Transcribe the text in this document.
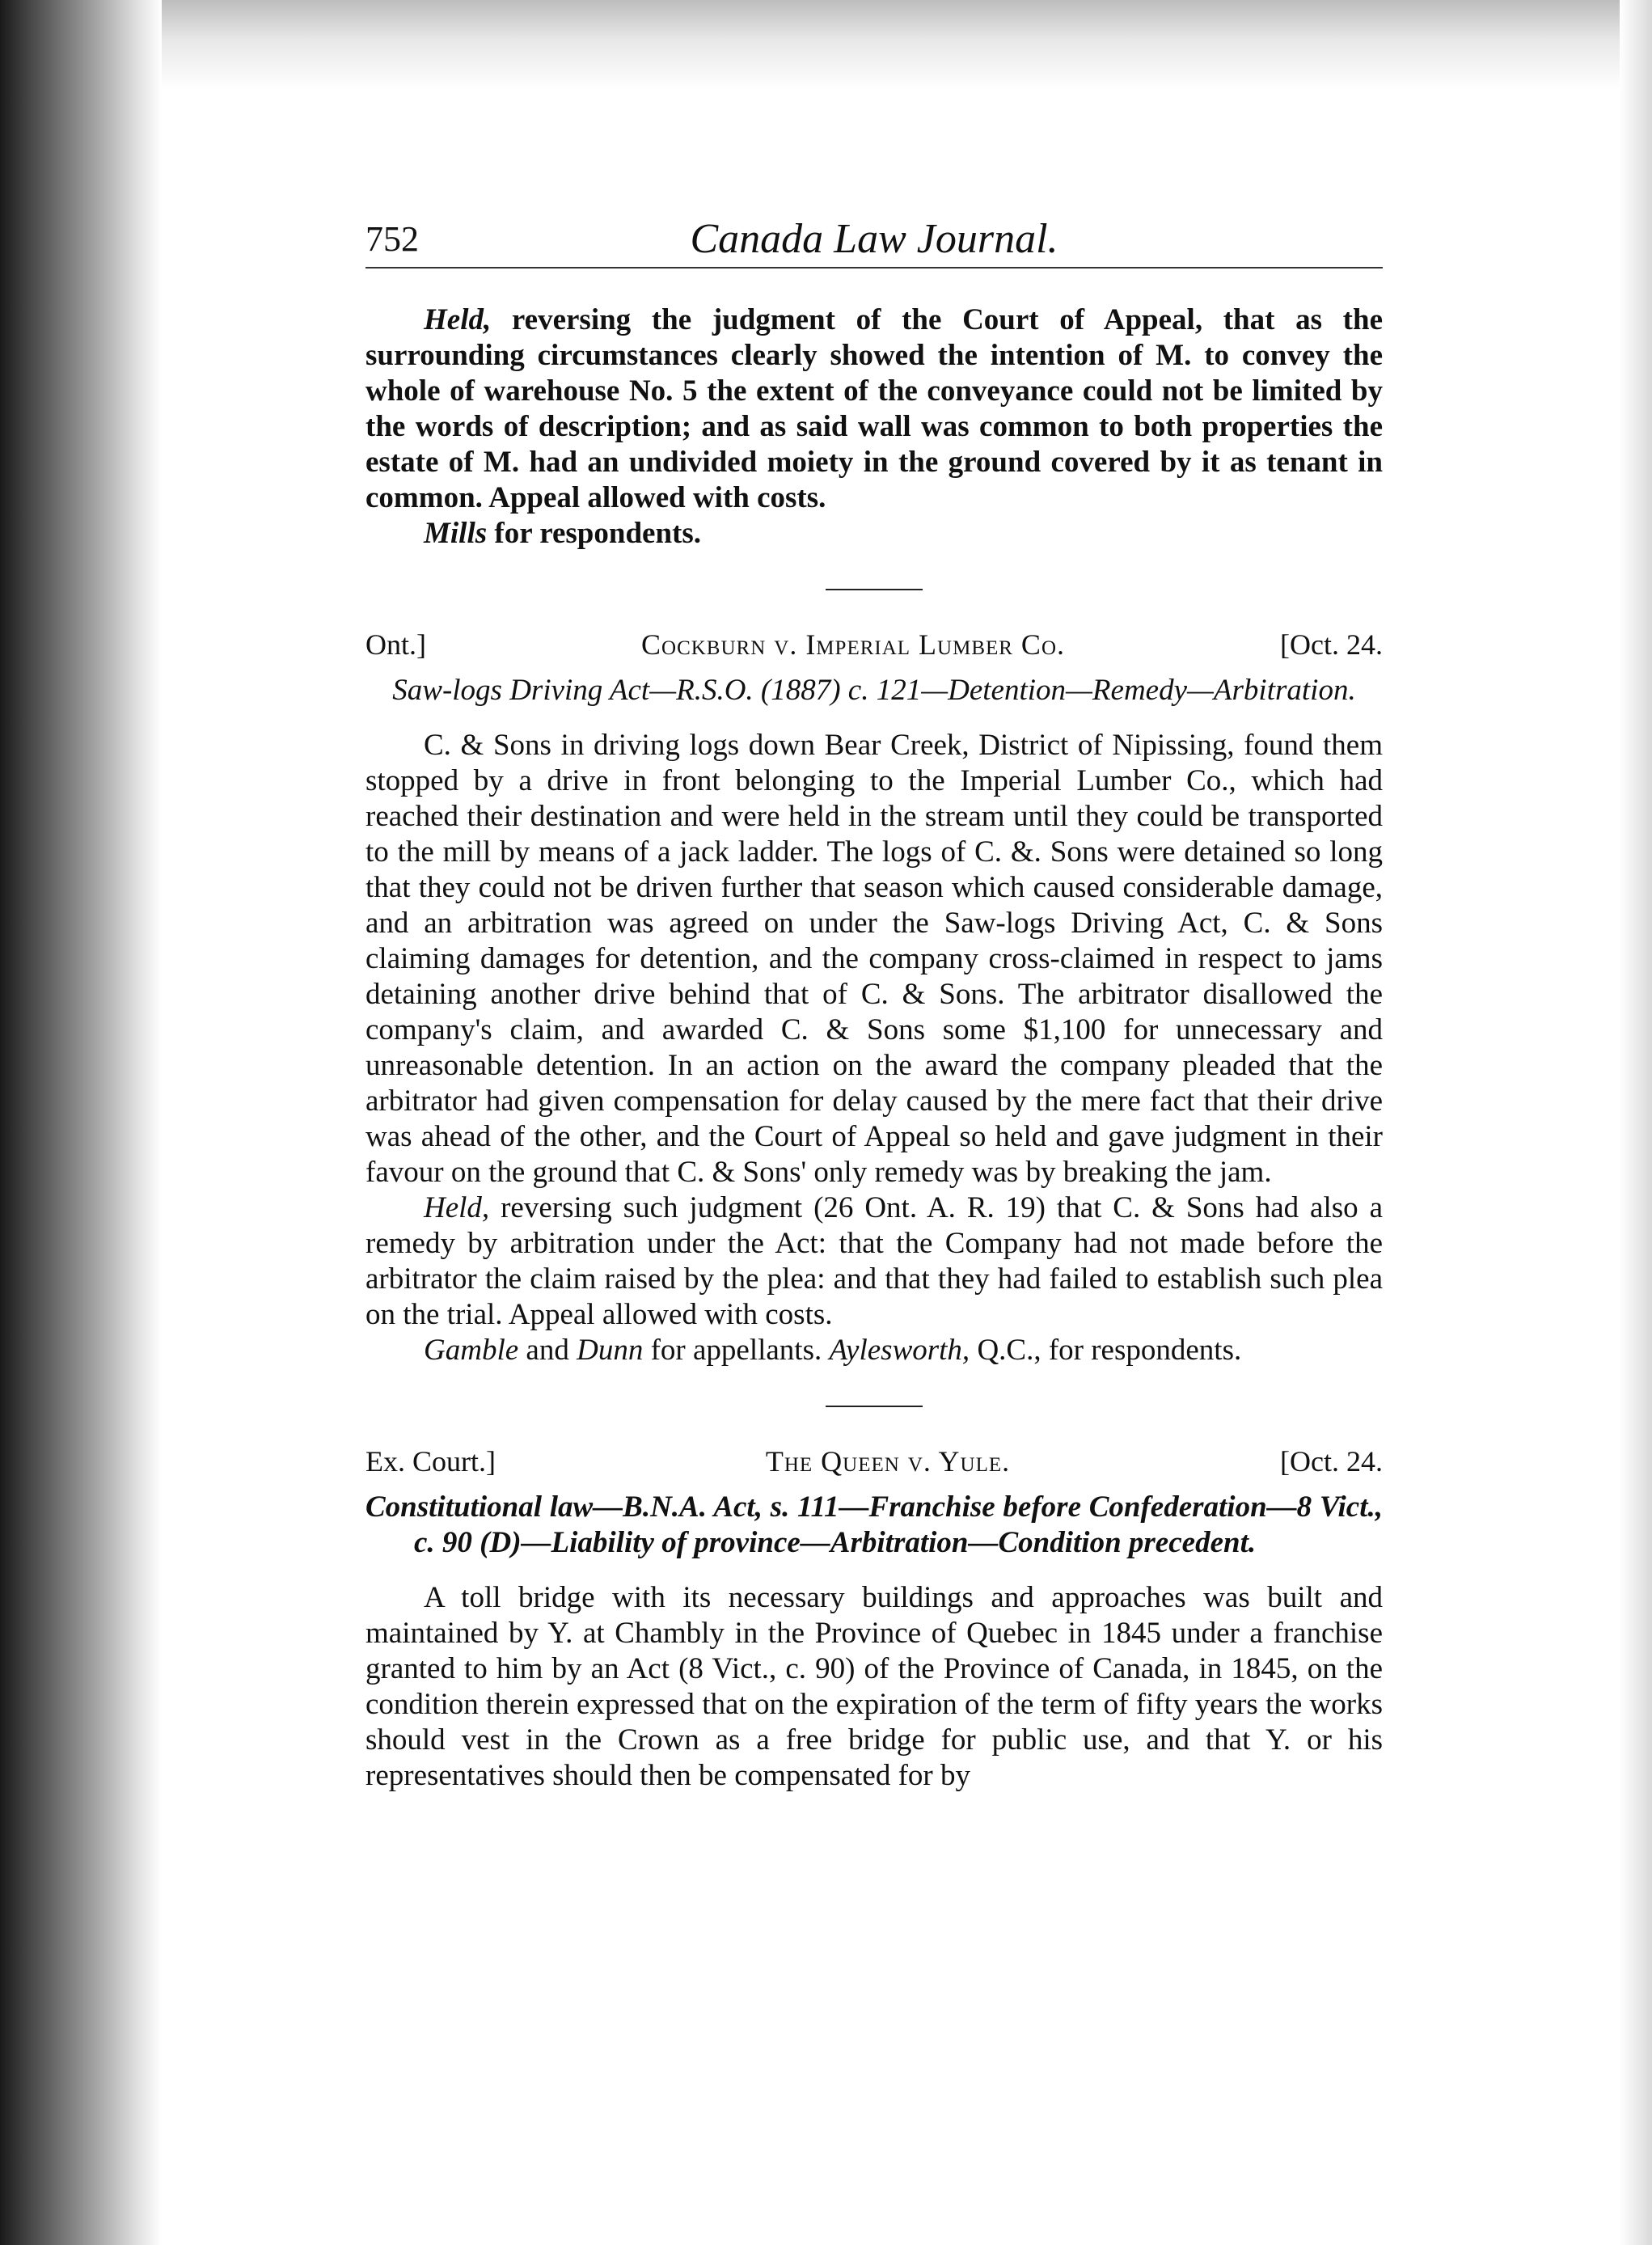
752	Canada Law Journal.

Held, reversing the judgment of the Court of Appeal, that as the surrounding circumstances clearly showed the intention of M. to convey the whole of warehouse No. 5 the extent of the conveyance could not be limited by the words of description; and as said wall was common to both properties the estate of M. had an undivided moiety in the ground covered by it as tenant in common. Appeal allowed with costs.

Mills for respondents.

Ont.]	Cockburn v. Imperial Lumber Co.	[Oct. 24.
Saw-logs Driving Act—R.S.O. (1887) c. 121—Detention—Remedy—Arbitration.

C. & Sons in driving logs down Bear Creek, District of Nipissing, found them stopped by a drive in front belonging to the Imperial Lumber Co., which had reached their destination and were held in the stream until they could be transported to the mill by means of a jack ladder. The logs of C. &. Sons were detained so long that they could not be driven further that season which caused considerable damage, and an arbitration was agreed on under the Saw-logs Driving Act, C. & Sons claiming damages for detention, and the company cross-claimed in respect to jams detaining another drive behind that of C. & Sons. The arbitrator disallowed the company's claim, and awarded C. & Sons some $1,100 for unnecessary and unreasonable detention. In an action on the award the company pleaded that the arbitrator had given compensation for delay caused by the mere fact that their drive was ahead of the other, and the Court of Appeal so held and gave judgment in their favour on the ground that C. & Sons' only remedy was by breaking the jam.

Held, reversing such judgment (26 Ont. A. R. 19) that C. & Sons had also a remedy by arbitration under the Act: that the Company had not made before the arbitrator the claim raised by the plea: and that they had failed to establish such plea on the trial. Appeal allowed with costs.

Gamble and Dunn for appellants. Aylesworth, Q.C., for respondents.

Ex. Court.]	The Queen v. Yule.	[Oct. 24.
Constitutional law—B.N.A. Act, s. 111—Franchise before Confederation—8 Vict., c. 90 (D)—Liability of province—Arbitration—Condition precedent.

A toll bridge with its necessary buildings and approaches was built and maintained by Y. at Chambly in the Province of Quebec in 1845 under a franchise granted to him by an Act (8 Vict., c. 90) of the Province of Canada, in 1845, on the condition therein expressed that on the expiration of the term of fifty years the works should vest in the Crown as a free bridge for public use, and that Y. or his representatives should then be compensated for by
